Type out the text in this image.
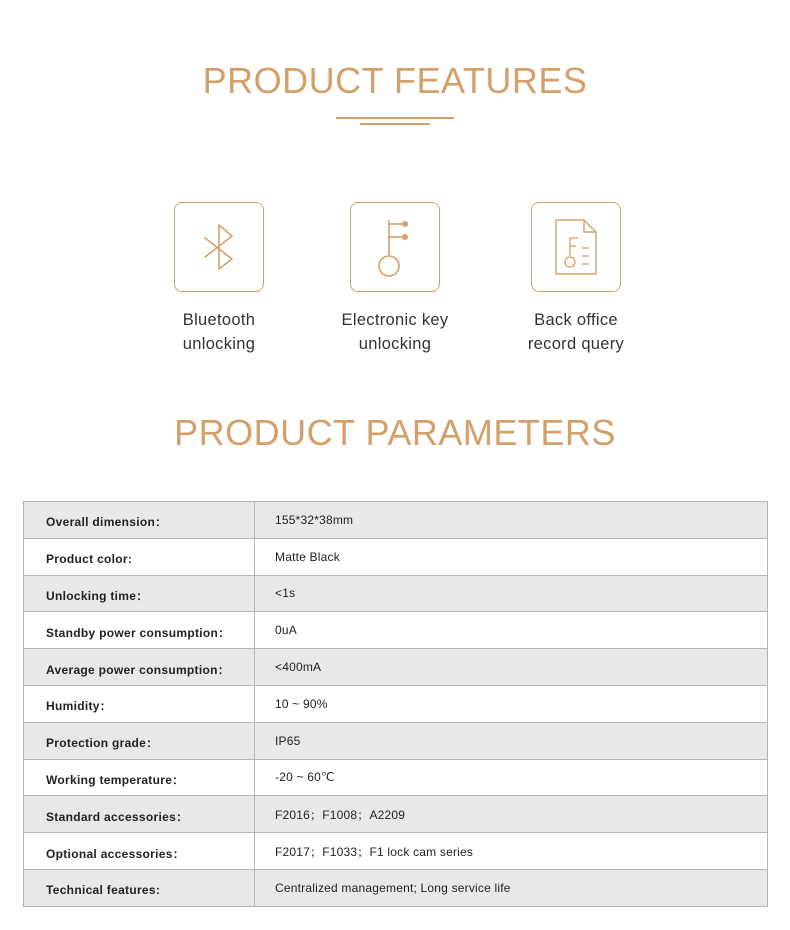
PRODUCT FEATURES
Bluetooth
unlocking
Electronic key
unlocking
Back office
record query
PRODUCT PARAMETERS
Overall dimension：	155*32*38mm
Product color:	Matte Black
Unlocking time：	<1s
Standby power consumption：	0uA
Average power consumption：	<400mA
Humidity：	10 ~ 90%
Protection grade：	IP65
Working temperature：	-20 ~ 60℃
Standard accessories：	F2016；F1008；A2209
Optional accessories：	F2017；F1033；F1 lock cam series
Technical features:	Centralized management; Long service life
